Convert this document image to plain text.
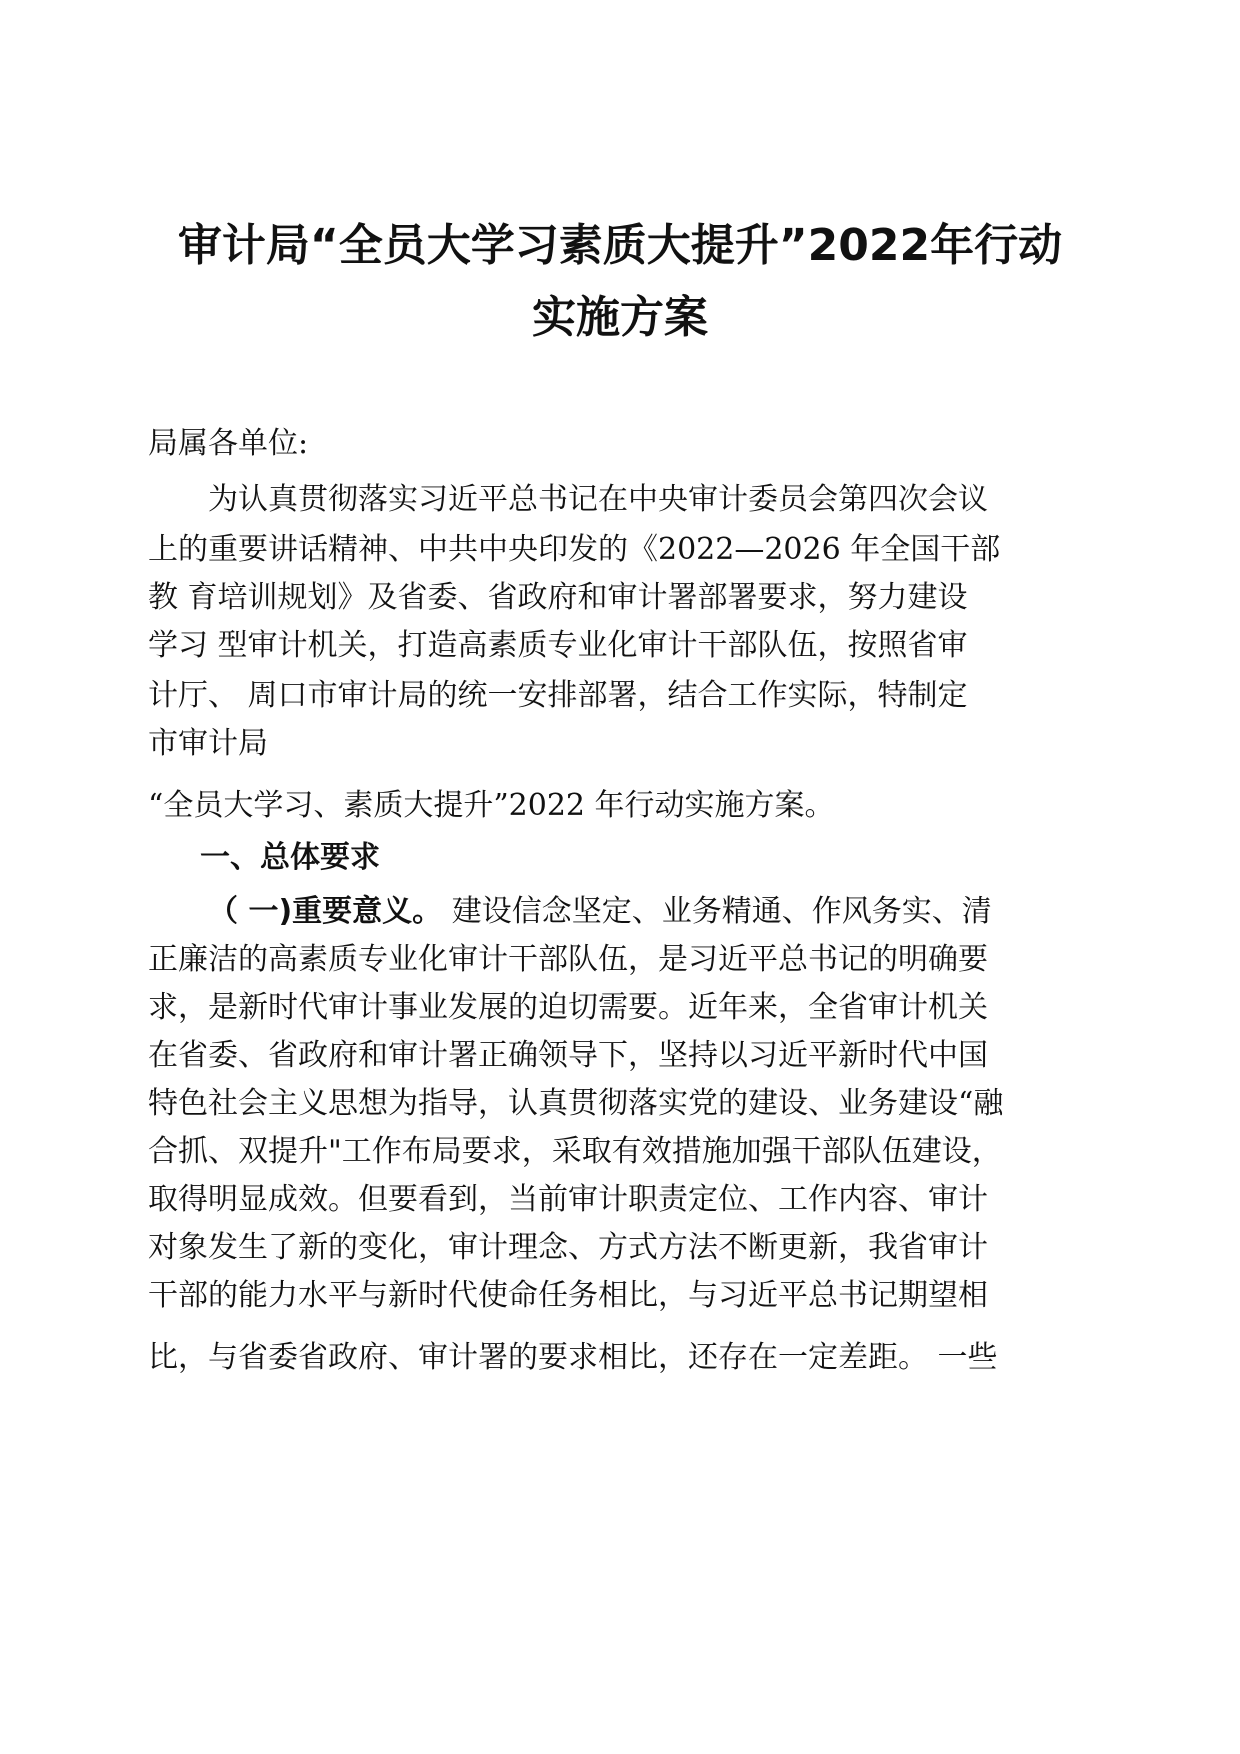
审计局“全员大学习素质大提升”2022年行动
实施方案
局属各单位:
为认真贯彻落实习近平总书记在中央审计委员会第四次会议
上的重要讲话精神、中共中央印发的《2022—2026 年全国干部
教 育培训规划》及省委、省政府和审计署部署要求，努力建设
学习 型审计机关，打造高素质专业化审计干部队伍，按照省审
计厅、 周口市审计局的统一安排部署，结合工作实际，特制定
市审计局
“全员大学习、素质大提升”2022 年行动实施方案。
一、总体要求
（ 一)重要意义。 建设信念坚定、业务精通、作风务实、清
正廉洁的高素质专业化审计干部队伍，是习近平总书记的明确要
求，是新时代审计事业发展的迫切需要。近年来，全省审计机关
在省委、省政府和审计署正确领导下，坚持以习近平新时代中国
特色社会主义思想为指导，认真贯彻落实党的建设、业务建设“融
合抓、双提升"工作布局要求，采取有效措施加强干部队伍建设，
取得明显成效。但要看到，当前审计职责定位、工作内容、审计
对象发生了新的变化，审计理念、方式方法不断更新，我省审计
干部的能力水平与新时代使命任务相比，与习近平总书记期望相
比，与省委省政府、审计署的要求相比，还存在一定差距。 一些
